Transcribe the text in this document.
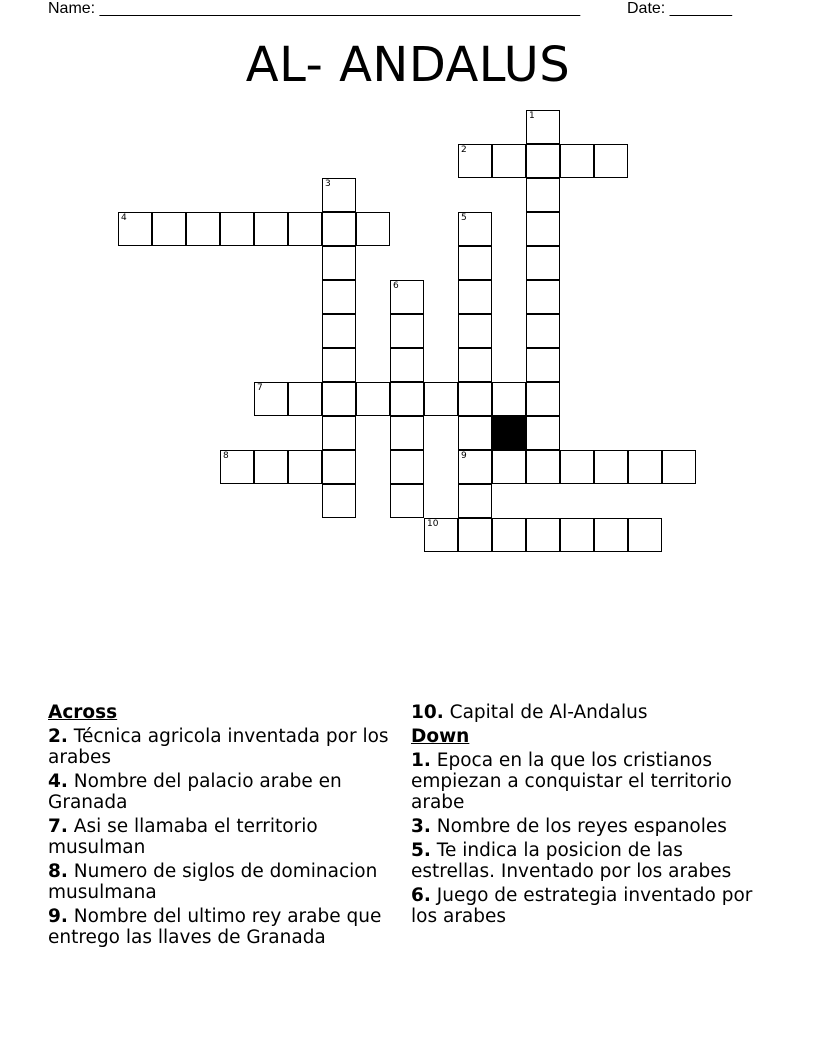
Name: ______________________________________________________	Date: _______
AL- ANDALUS
1
2
3
4	5
9
6
7
8
10
Across
2. Técnica agricola inventada por los arabes
4. Nombre del palacio arabe en Granada
7. Asi se llamaba el territorio musulman
8. Numero de siglos de dominacion musulmana
9. Nombre del ultimo rey arabe que entrego las llaves de Granada
10. Capital de Al-Andalus
Down
1. Epoca en la que los cristianos empiezan a conquistar el territorio arabe
3. Nombre de los reyes espanoles
5. Te indica la posicion de las estrellas. Inventado por los arabes
6. Juego de estrategia inventado por los arabes
